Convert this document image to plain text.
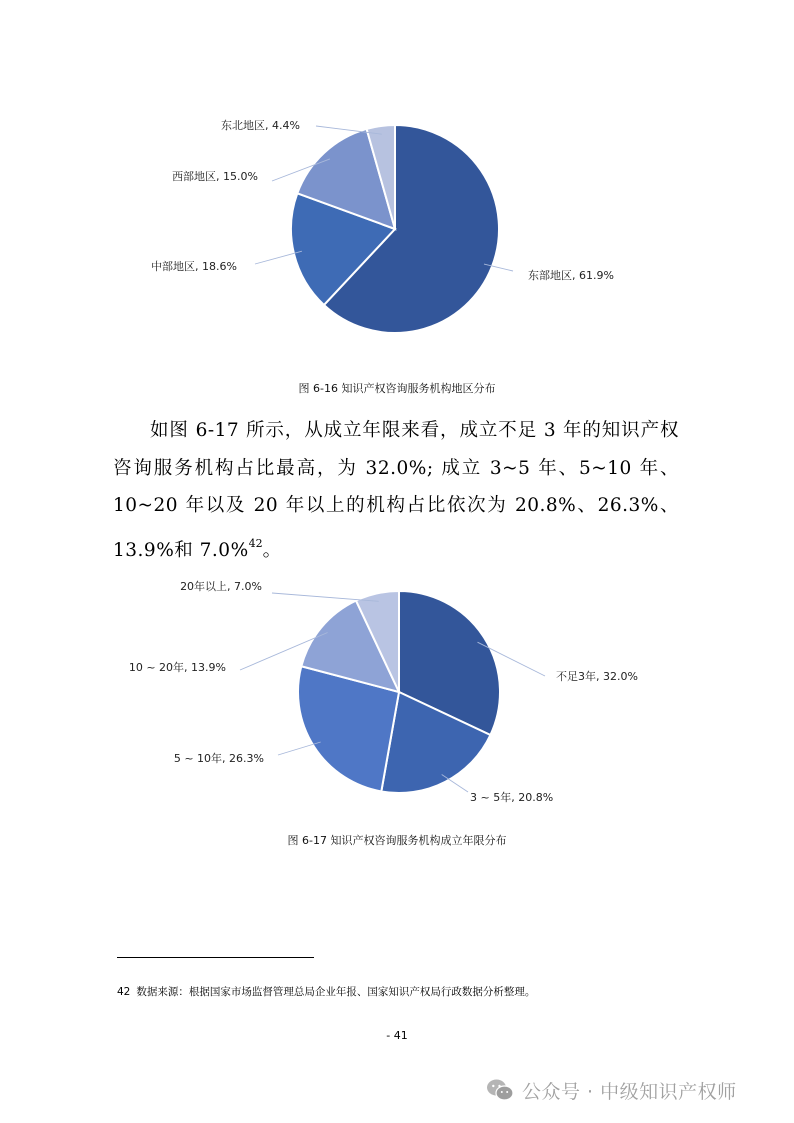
东部地区, 61.9%
中部地区, 18.6%
西部地区, 15.0%
东北地区, 4.4%
图 6-16 知识产权咨询服务机构地区分布

如图 6-17 所示，从成立年限来看，成立不足 3 年的知识产权咨询服务机构占比最高，为 32.0%; 成立 3~5 年、5~10 年、10~20 年以及 20 年以上的机构占比依次为 20.8%、26.3%、13.9%和 7.0%$^{42}$。

不足3年, 32.0%
3 ~ 5年, 20.8%
5 ~ 10年, 26.3%
10 ~ 20年, 13.9%
20年以上, 7.0%
图 6-17 知识产权咨询服务机构成立年限分布
42 数据来源：根据国家市场监督管理总局企业年报、国家知识产权局行政数据分析整理。
- 41
公众号 · 中级知识产权师
